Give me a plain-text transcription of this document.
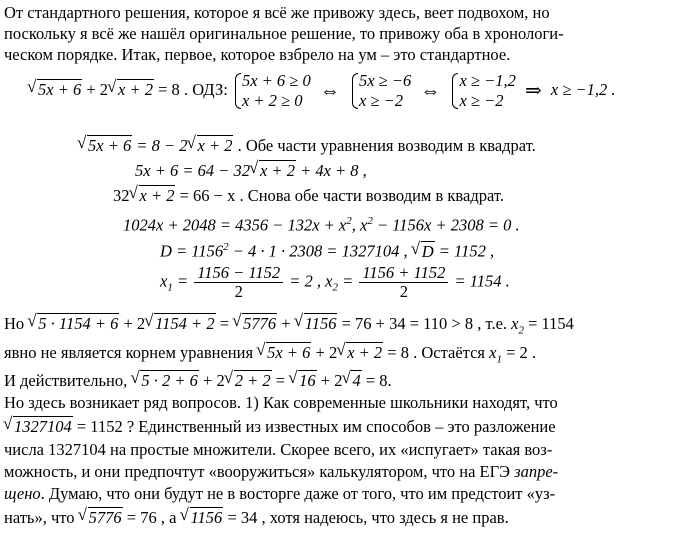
От стандартного решения, которое я всё же привожу здесь, веет подвохом, но
поскольку я всё же нашёл оригинальное решение, то привожу оба в хронологи-
ческом порядке. Итак, первое, которое взбрело на ум – это стандартное.
√ 5x + 6 + 2 √ x + 2 = 8 . ОДЗ: 5x + 6 ≥ 0
x + 2 ≥ 0 ⇔ 5x ≥ −6
x ≥ −2 ⇔ x ≥ −1,2
x ≥ −2	⇒ x ≥ −1,2 .
√ 5x + 6 = 8 − 2 √ x + 2 . Обе части уравнения возводим в квадрат.
5x + 6 = 64 − 32 √ x + 2 + 4x + 8 ,
32 √ x + 2 = 66 − x . Снова обе части возводим в квадрат.
$1024x + 2048 = 4356 - 132x + x^2$, $x^2 - 1156x + 2308 = 0$ .
$D = 1156^2 - 4 \cdot 1 \cdot 2308 = 1327104$ , √ D = 1152 ,
$x_1 = \frac{1156 - 1152}{2} = 2$ , $x_2 = \frac{1156 + 1152}{2} = 1154$ .
Но √ 5 · 1154 + 6 + 2 √ 1154 + 2 = √ 5776 + √ 1156 = 76 + 34 = 110 > 8 , т.е. $x_2 = 1154$
явно не является корнем уравнения √ 5x + 6 + 2 √ x + 2 = 8 . Остаётся $x_1 = 2$ .
И действительно, √ 5 · 2 + 6 + 2 √ 2 + 2 = √ 16 + 2 √ 4 = 8.
Но здесь возникает ряд вопросов. 1) Как современные школьники находят, что
√ 1327104 = 1152 ? Единственный из известных им способов – это разложение
числа 1327104 на простые множители. Скорее всего, их «испугает» такая воз-
можность, и они предпочтут «вооружиться» калькулятором, что на ЕГЭ запре-
щено. Думаю, что они будут не в восторге даже от того, что им предстоит «уз-
нать», что √ 5776 = 76 , а √ 1156 = 34 , хотя надеюсь, что здесь я не прав.
